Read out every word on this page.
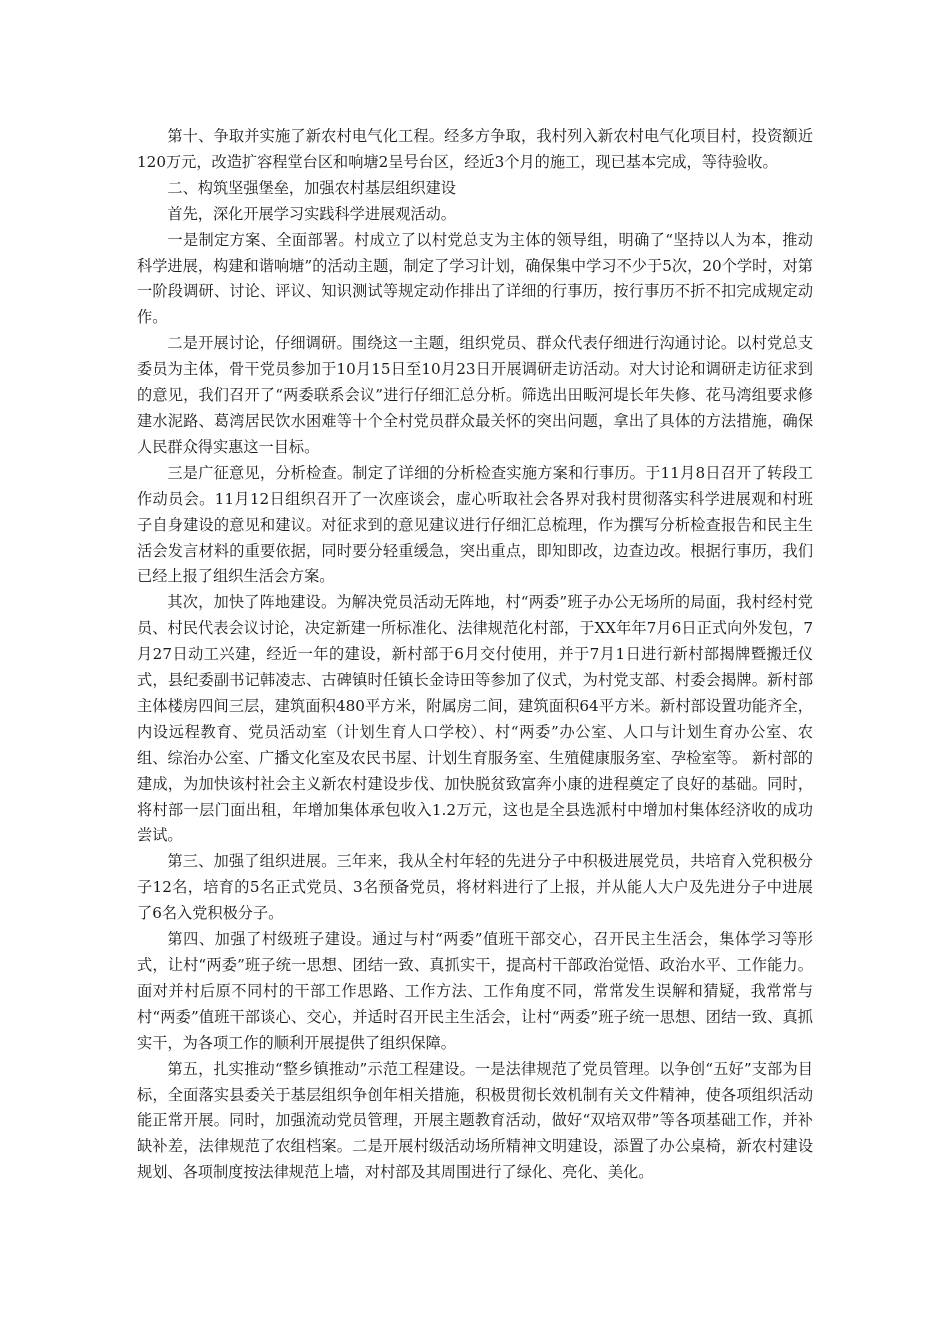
第十、争取并实施了新农村电气化工程。经多方争取，我村列入新农村电气化项目村，投资额近120万元，改造扩容程堂台区和响塘2呈号台区，经近3个月的施工，现已基本完成，等待验收。

二、构筑坚强堡垒，加强农村基层组织建设

首先，深化开展学习实践科学进展观活动。

一是制定方案、全面部署。村成立了以村党总支为主体的领导组，明确了“坚持以人为本，推动科学进展，构建和谐响塘”的活动主题，制定了学习计划，确保集中学习不少于5次，20个学时，对第一阶段调研、讨论、评议、知识测试等规定动作排出了详细的行事历，按行事历不折不扣完成规定动作。

二是开展讨论，仔细调研。围绕这一主题，组织党员、群众代表仔细进行沟通讨论。以村党总支委员为主体，骨干党员参加于10月15日至10月23日开展调研走访活动。对大讨论和调研走访征求到的意见，我们召开了“两委联系会议”进行仔细汇总分析。筛选出田畈河堤长年失修、花马湾组要求修建水泥路、葛湾居民饮水困难等十个全村党员群众最关怀的突出问题，拿出了具体的方法措施，确保人民群众得实惠这一目标。

三是广征意见，分析检查。制定了详细的分析检查实施方案和行事历。于11月8日召开了转段工作动员会。11月12日组织召开了一次座谈会，虚心听取社会各界对我村贯彻落实科学进展观和村班子自身建设的意见和建议。对征求到的意见建议进行仔细汇总梳理，作为撰写分析检查报告和民主生活会发言材料的重要依据，同时要分轻重缓急，突出重点，即知即改，边查边改。根据行事历，我们已经上报了组织生活会方案。

其次，加快了阵地建设。为解决党员活动无阵地，村“两委”班子办公无场所的局面，我村经村党员、村民代表会议讨论，决定新建一所标准化、法律规范化村部，于XX年年7月6日正式向外发包，7月27日动工兴建，经近一年的建设，新村部于6月交付使用，并于7月1日进行新村部揭牌暨搬迁仪式，县纪委副书记韩凌志、古碑镇时任镇长金诗田等参加了仪式，为村党支部、村委会揭牌。新村部主体楼房四间三层，建筑面积480平方米，附属房二间，建筑面积64平方米。新村部设置功能齐全，内设远程教育、党员活动室（计划生育人口学校）、村“两委”办公室、人口与计划生育办公室、农组、综治办公室、广播文化室及农民书屋、计划生育服务室、生殖健康服务室、孕检室等。 新村部的建成，为加快该村社会主义新农村建设步伐、加快脱贫致富奔小康的进程奠定了良好的基础。同时，将村部一层门面出租，年增加集体承包收入1.2万元，这也是全县选派村中增加村集体经济收的成功尝试。

第三、加强了组织进展。三年来，我从全村年轻的先进分子中积极进展党员，共培育入党积极分子12名，培育的5名正式党员、3名预备党员，将材料进行了上报，并从能人大户及先进分子中进展了6名入党积极分子。

第四、加强了村级班子建设。通过与村“两委”值班干部交心，召开民主生活会，集体学习等形式，让村“两委”班子统一思想、团结一致、真抓实干，提高村干部政治觉悟、政治水平、工作能力。面对并村后原不同村的干部工作思路、工作方法、工作角度不同，常常发生误解和猜疑，我常常与村“两委”值班干部谈心、交心，并适时召开民主生活会，让村“两委”班子统一思想、团结一致、真抓实干，为各项工作的顺利开展提供了组织保障。

第五，扎实推动“整乡镇推动”示范工程建设。一是法律规范了党员管理。以争创“五好”支部为目标，全面落实县委关于基层组织争创年相关措施，积极贯彻长效机制有关文件精神，使各项组织活动能正常开展。同时，加强流动党员管理，开展主题教育活动，做好“双培双带”等各项基础工作，并补缺补差，法律规范了农组档案。二是开展村级活动场所精神文明建设，添置了办公桌椅，新农村建设规划、各项制度按法律规范上墙，对村部及其周围进行了绿化、亮化、美化。
